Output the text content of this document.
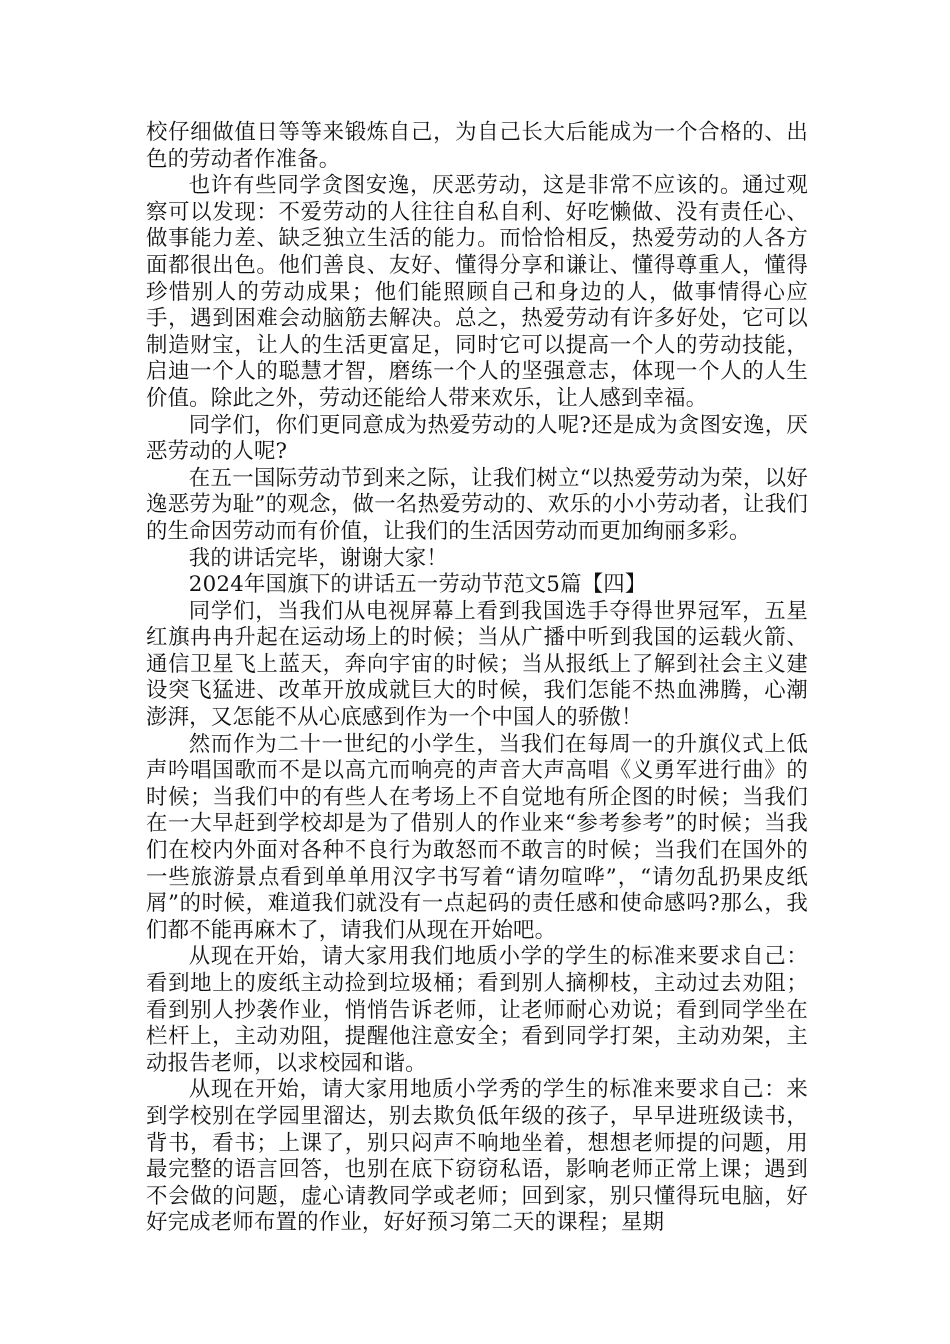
校仔细做值日等等来锻炼自己，为自己长大后能成为一个合格的、出色的劳动者作准备。

也许有些同学贪图安逸，厌恶劳动，这是非常不应该的。通过观察可以发现：不爱劳动的人往往自私自利、好吃懒做、没有责任心、做事能力差、缺乏独立生活的能力。而恰恰相反，热爱劳动的人各方面都很出色。他们善良、友好、懂得分享和谦让、懂得尊重人，懂得珍惜别人的劳动成果；他们能照顾自己和身边的人，做事情得心应手，遇到困难会动脑筋去解决。总之，热爱劳动有许多好处，它可以制造财宝，让人的生活更富足，同时它可以提高一个人的劳动技能，启迪一个人的聪慧才智，磨练一个人的坚强意志，体现一个人的人生价值。除此之外，劳动还能给人带来欢乐，让人感到幸福。

同学们，你们更同意成为热爱劳动的人呢?还是成为贪图安逸，厌恶劳动的人呢?

在五一国际劳动节到来之际，让我们树立“以热爱劳动为荣，以好逸恶劳为耻”的观念，做一名热爱劳动的、欢乐的小小劳动者，让我们的生命因劳动而有价值，让我们的生活因劳动而更加绚丽多彩。

我的讲话完毕，谢谢大家！

2024年国旗下的讲话五一劳动节范文5篇【四】

同学们，当我们从电视屏幕上看到我国选手夺得世界冠军，五星红旗冉冉升起在运动场上的时候；当从广播中听到我国的运载火箭、通信卫星飞上蓝天，奔向宇宙的时候；当从报纸上了解到社会主义建设突飞猛进、改革开放成就巨大的时候，我们怎能不热血沸腾，心潮澎湃，又怎能不从心底感到作为一个中国人的骄傲！

然而作为二十一世纪的小学生，当我们在每周一的升旗仪式上低声吟唱国歌而不是以高亢而响亮的声音大声高唱《义勇军进行曲》的时候；当我们中的有些人在考场上不自觉地有所企图的时候；当我们在一大早赶到学校却是为了借别人的作业来“参考参考”的时候；当我们在校内外面对各种不良行为敢怒而不敢言的时候；当我们在国外的一些旅游景点看到单单用汉字书写着“请勿喧哗”，“请勿乱扔果皮纸屑”的时候，难道我们就没有一点起码的责任感和使命感吗?那么，我们都不能再麻木了，请我们从现在开始吧。

从现在开始，请大家用我们地质小学的学生的标准来要求自己：看到地上的废纸主动捡到垃圾桶；看到别人摘柳枝，主动过去劝阻；看到别人抄袭作业，悄悄告诉老师，让老师耐心劝说；看到同学坐在栏杆上，主动劝阻，提醒他注意安全；看到同学打架，主动劝架，主动报告老师，以求校园和谐。

从现在开始，请大家用地质小学秀的学生的标准来要求自己：来到学校别在学园里溜达，别去欺负低年级的孩子，早早进班级读书，背书，看书；上课了，别只闷声不响地坐着，想想老师提的问题，用最完整的语言回答，也别在底下窃窃私语，影响老师正常上课；遇到不会做的问题，虚心请教同学或老师；回到家，别只懂得玩电脑，好好完成老师布置的作业，好好预习第二天的课程；星期
